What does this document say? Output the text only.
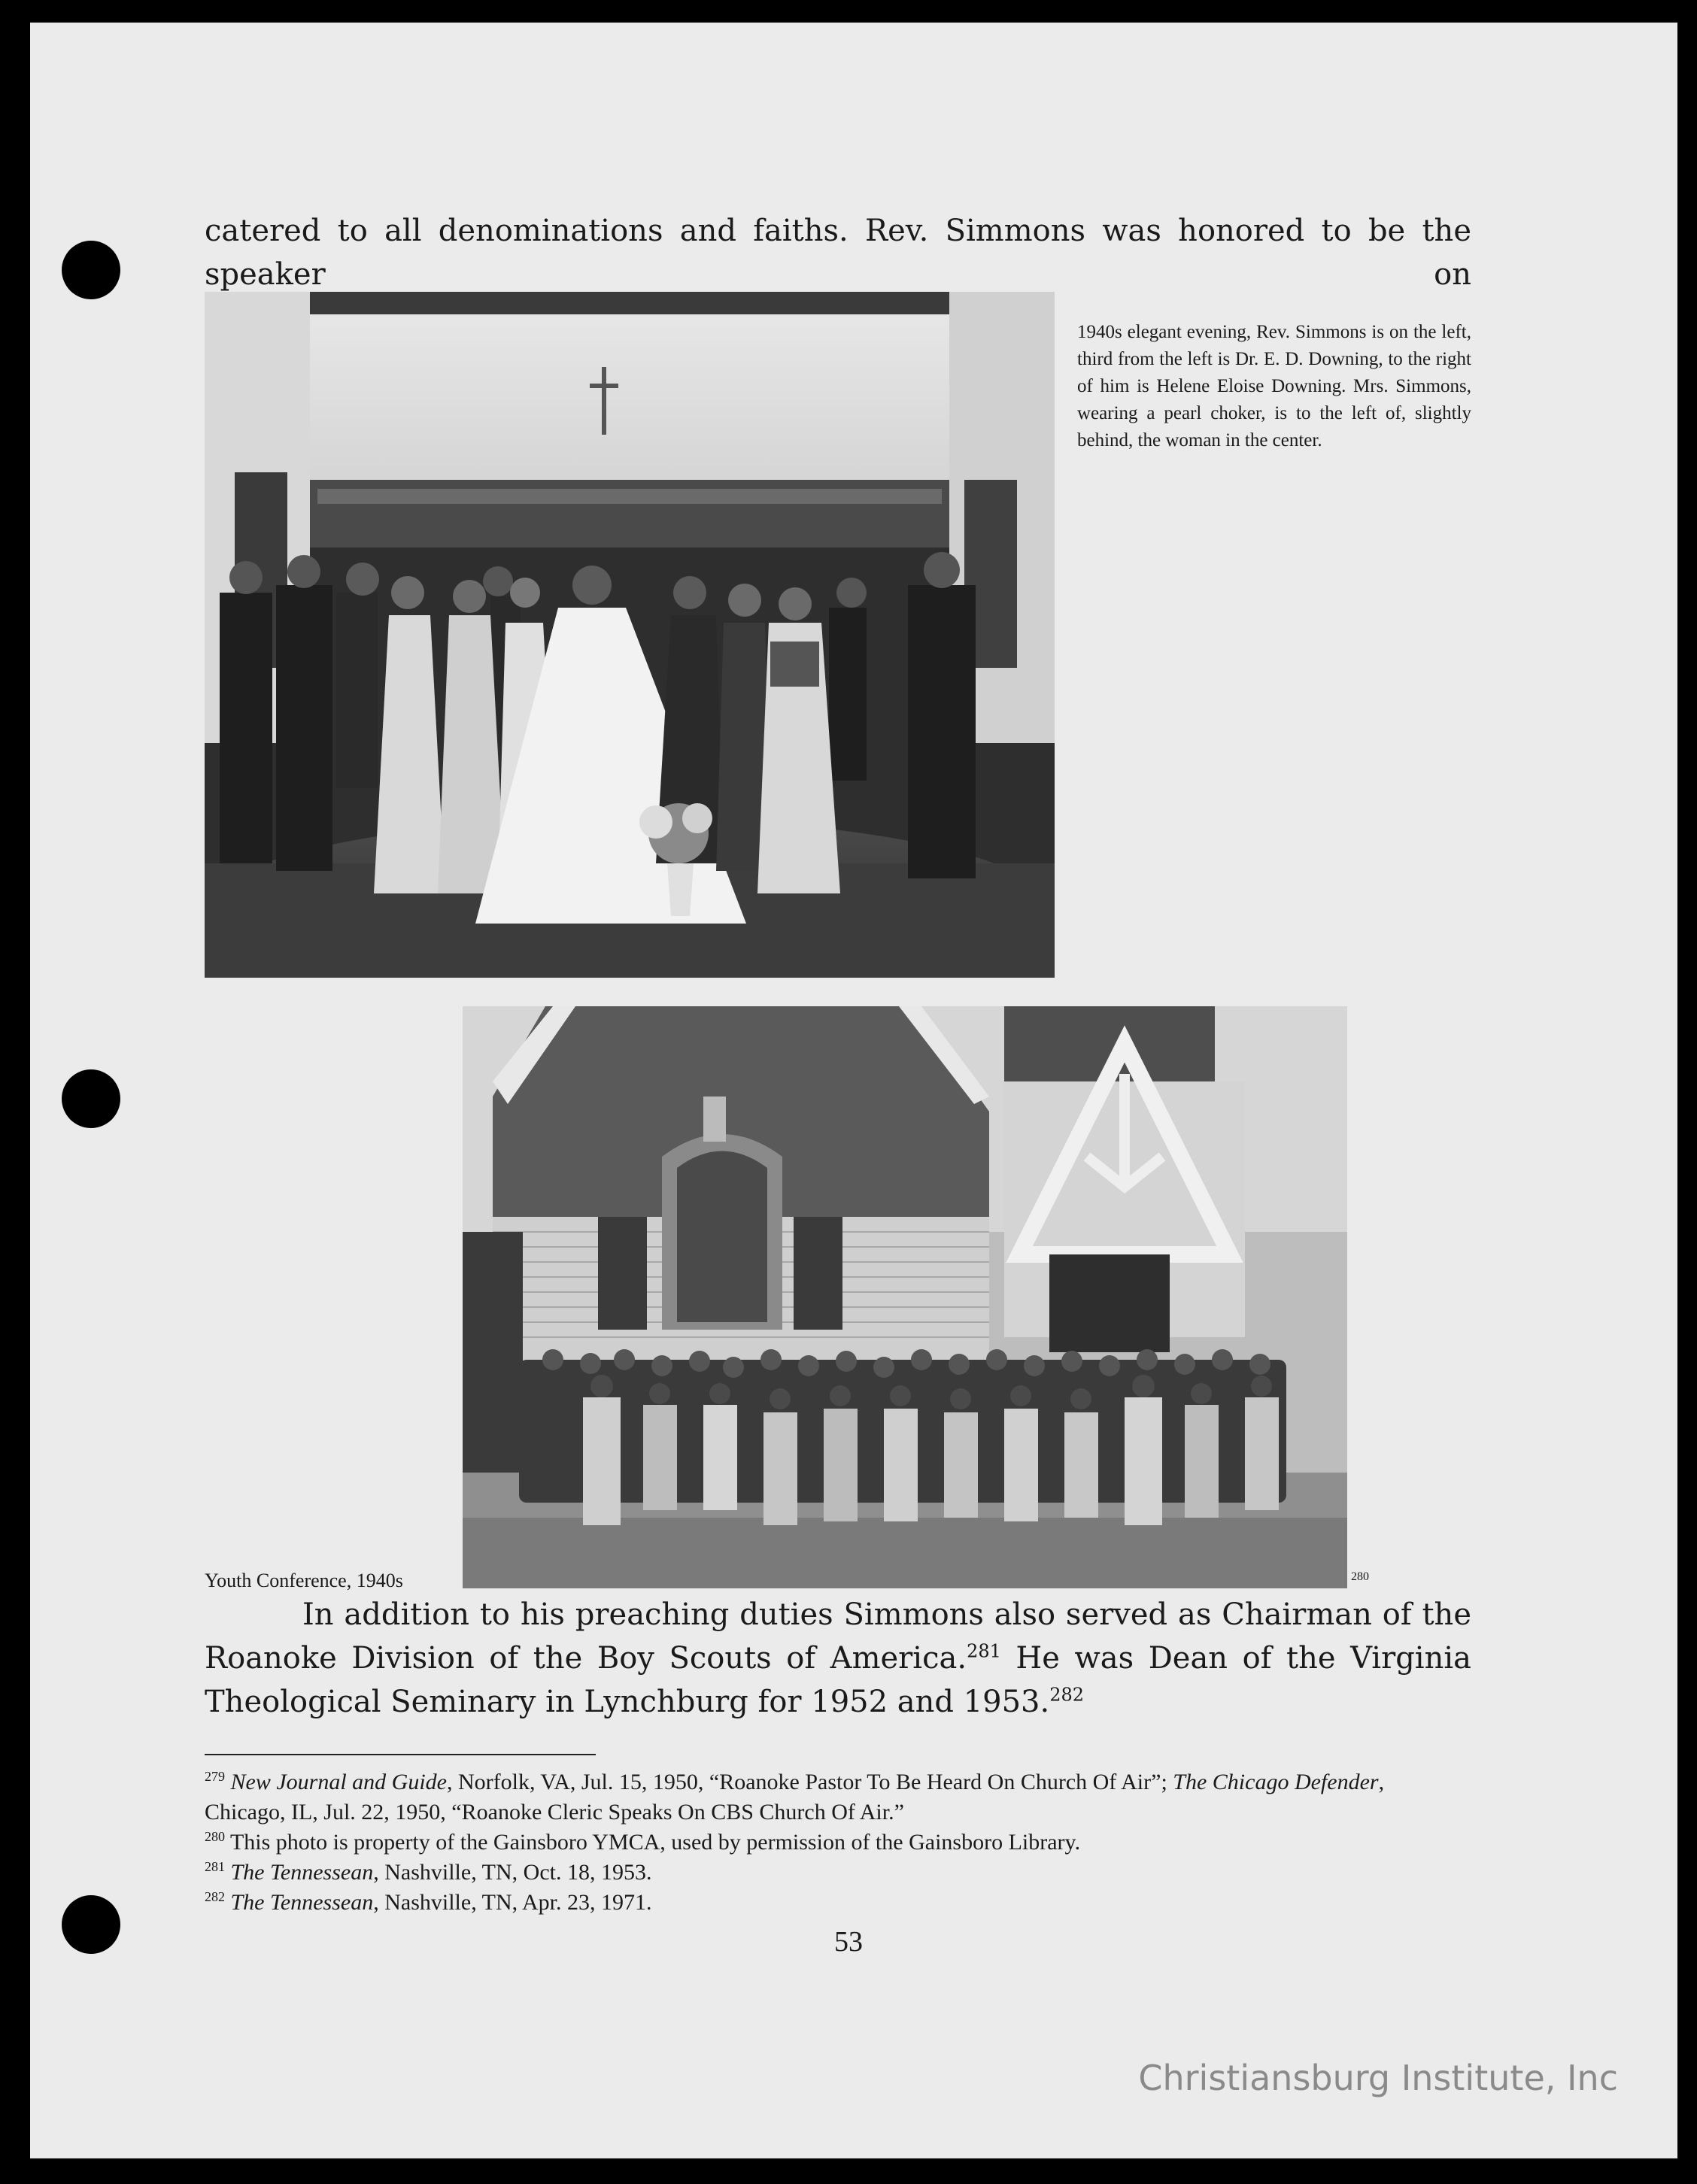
catered to all denominations and faiths. Rev. Simmons was honored to be the speaker on
1940s elegant evening, Rev. Simmons is on the left, third from the left is Dr. E. D. Downing, to the right of him is Helene Eloise Downing. Mrs. Simmons, wearing a pearl choker, is to the left of, slightly behind, the woman in the center.
Youth Conference, 1940s	280
In addition to his preaching duties Simmons also served as Chairman of the Roanoke Division of the Boy Scouts of America.$^{281}$ He was Dean of the Virginia Theological Seminary in Lynchburg for 1952 and 1953.$^{282}$
$^{279}$ New Journal and Guide, Norfolk, VA, Jul. 15, 1950, “Roanoke Pastor To Be Heard On Church Of Air”; The Chicago Defender, Chicago, IL, Jul. 22, 1950, “Roanoke Cleric Speaks On CBS Church Of Air.”
$^{280}$ This photo is property of the Gainsboro YMCA, used by permission of the Gainsboro Library.
$^{281}$ The Tennessean, Nashville, TN, Oct. 18, 1953.
$^{282}$ The Tennessean, Nashville, TN, Apr. 23, 1971.
53
Christiansburg Institute, Inc
